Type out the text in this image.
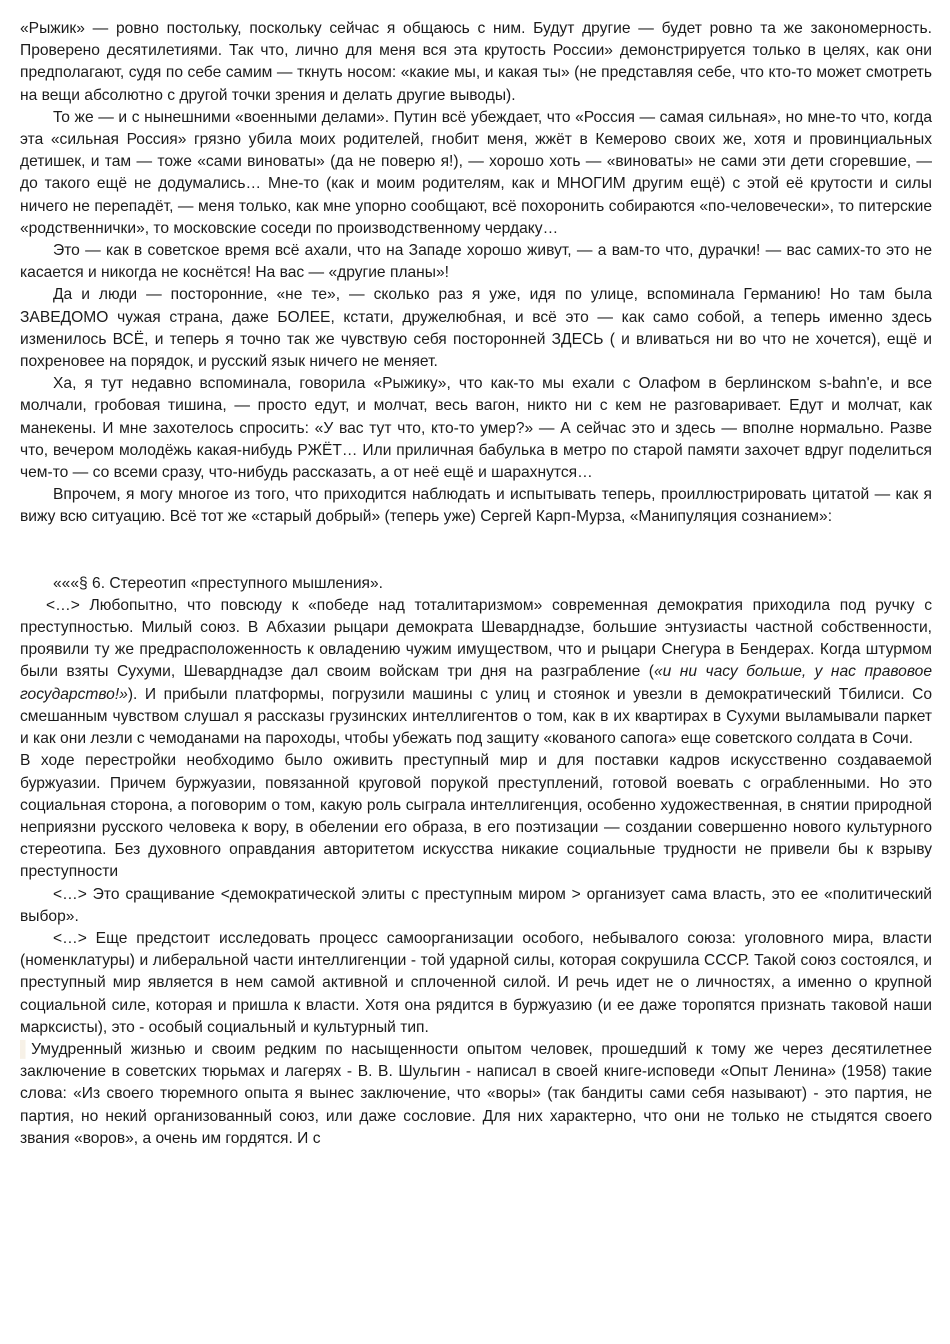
«Рыжик» — ровно постольку, поскольку сейчас я общаюсь с ним. Будут другие — будет ровно та же закономерность. Проверено десятилетиями. Так что, лично для меня вся эта крутость России» демонстрируется только в целях, как они предполагают, судя по себе самим — ткнуть носом: «какие мы, и какая ты» (не представляя себе, что кто-то может смотреть на вещи абсолютно с другой точки зрения и делать другие выводы).

То же — и с нынешними «военными делами». Путин всё убеждает, что «Россия — самая сильная», но мне-то что, когда эта «сильная Россия» грязно убила моих родителей, гнобит меня, жжёт в Кемерово своих же, хотя и провинциальных детишек, и там — тоже «сами виноваты» (да не поверю я!), — хорошо хоть — «виноваты» не сами эти дети сгоревшие, — до такого ещё не додумались… Мне-то (как и моим родителям, как и МНОГИМ другим ещё) с этой её крутости и силы ничего не перепадёт, — меня только, как мне упорно сообщают, всё похоронить собираются «по-человечески», то питерские «родственнички», то московские соседи по производственному чердаку…

Это — как в советское время всё ахали, что на Западе хорошо живут, — а вам-то что, дурачки! — вас самих-то это не касается и никогда не коснётся! На вас — «другие планы»!

Да и люди — посторонние, «не те», — сколько раз я уже, идя по улице, вспоминала Германию! Но там была ЗАВЕДОМО чужая страна, даже БОЛЕЕ, кстати, дружелюбная, и всё это — как само собой, а теперь именно здесь изменилось ВСЁ, и теперь я точно так же чувствую себя посторонней ЗДЕСЬ ( и вливаться ни во что не хочется), ещё и похреновее на порядок, и русский язык ничего не меняет.

Ха, я тут недавно вспоминала, говорила «Рыжику», что как-то мы ехали с Олафом в берлинском s-bahn'e, и все молчали, гробовая тишина, — просто едут, и молчат, весь вагон, никто ни с кем не разговаривает. Едут и молчат, как манекены. И мне захотелось спросить: «У вас тут что, кто-то умер?» — А сейчас это и здесь — вполне нормально. Разве что, вечером молодёжь какая-нибудь РЖЁТ… Или приличная бабулька в метро по старой памяти захочет вдруг поделиться чем-то — со всеми сразу, что-нибудь рассказать, а от неё ещё и шарахнутся…

Впрочем, я могу многое из того, что приходится наблюдать и испытывать теперь, проиллюстрировать цитатой — как я вижу всю ситуацию. Всё тот же «старый добрый» (теперь уже) Сергей Карп-Мурза, «Манипуляция сознанием»:

«««§ 6. Стереотип «преступного мышления».

<…> Любопытно, что повсюду к «победе над тоталитаризмом» современная демократия приходила под ручку с преступностью. Милый союз. В Абхазии рыцари демократа Шеварднадзе, большие энтузиасты частной собственности, проявили ту же предрасположенность к овладению чужим имуществом, что и рыцари Снегура в Бендерах. Когда штурмом были взяты Сухуми, Шеварднадзе дал своим войскам три дня на разграбление («и ни часу больше, у нас правовое государство!»). И прибыли платформы, погрузили машины с улиц и стоянок и увезли в демократический Тбилиси. Со смешанным чувством слушал я рассказы грузинских интеллигентов о том, как в их квартирах в Сухуми выламывали паркет и как они лезли с чемоданами на пароходы, чтобы убежать под защиту «кованого сапога» еще советского солдата в Сочи.

В ходе перестройки необходимо было оживить преступный мир и для поставки кадров искусственно создаваемой буржуазии. Причем буржуазии, повязанной круговой порукой преступлений, готовой воевать с ограбленными. Но это социальная сторона, а поговорим о том, какую роль сыграла интеллигенция, особенно художественная, в снятии природной неприязни русского человека к вору, в обелении его образа, в его поэтизации — создании совершенно нового культурного стереотипа. Без духовного оправдания авторитетом искусства никакие социальные трудности не привели бы к взрыву преступности

<…> Это сращивание <демократической элиты с преступным миром > организует сама власть, это ее «политический выбор».

<…> Еще предстоит исследовать процесс самоорганизации особого, небывалого союза: уголовного мира, власти (номенклатуры) и либеральной части интеллигенции - той ударной силы, которая сокрушила СССР. Такой союз состоялся, и преступный мир является в нем самой активной и сплоченной силой. И речь идет не о личностях, а именно о крупной социальной силе, которая и пришла к власти. Хотя она рядится в буржуазию (и ее даже торопятся признать таковой наши марксисты), это - особый социальный и культурный тип.

▌Умудренный жизнью и своим редким по насыщенности опытом человек, прошедший к тому же через десятилетнее заключение в советских тюрьмах и лагерях - В. В. Шульгин - написал в своей книге-исповеди «Опыт Ленина» (1958) такие слова: «Из своего тюремного опыта я вынес заключение, что «воры» (так бандиты сами себя называют) - это партия, не партия, но некий организованный союз, или даже сословие. Для них характерно, что они не только не стыдятся своего звания «воров», а очень им гордятся. И с
